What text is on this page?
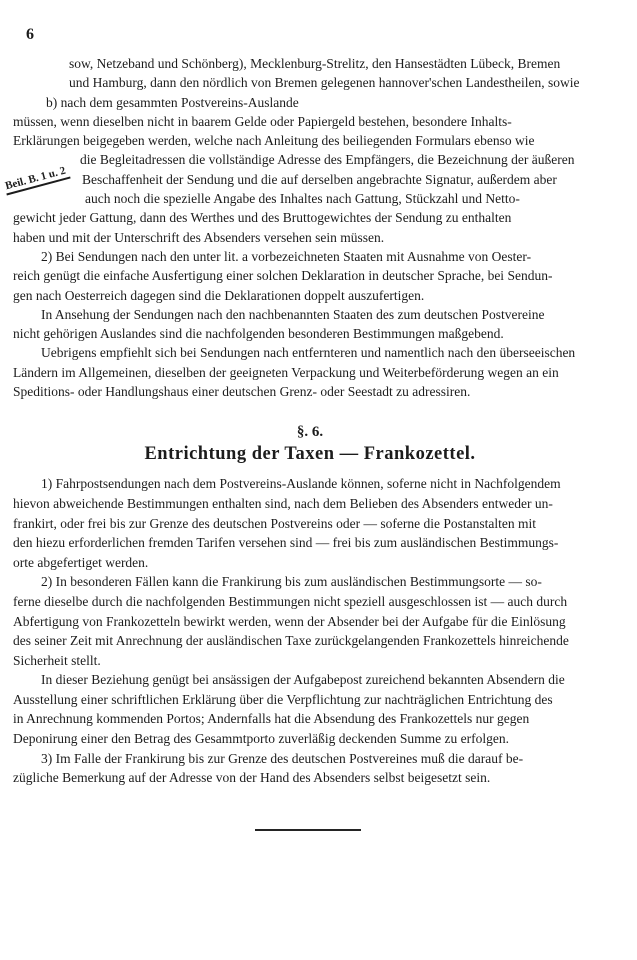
6
Beil. B. 1 u. 2
sow, Netzeband und Schönberg), Mecklenburg-Strelitz, den Hansestädten Lübeck, Bremen
und Hamburg, dann den nördlich von Bremen gelegenen hannover'schen Landestheilen, sowie
b) nach dem gesammten Postvereins-Auslande
müssen, wenn dieselben nicht in baarem Gelde oder Papiergeld bestehen, besondere Inhalts-
Erklärungen beigegeben werden, welche nach Anleitung des beiliegenden Formulars ebenso wie
die Begleitadressen die vollständige Adresse des Empfängers, die Bezeichnung der äußeren
Beschaffenheit der Sendung und die auf derselben angebrachte Signatur, außerdem aber
auch noch die spezielle Angabe des Inhaltes nach Gattung, Stückzahl und Netto-
gewicht jeder Gattung, dann des Werthes und des Bruttogewichtes der Sendung zu enthalten
haben und mit der Unterschrift des Absenders versehen sein müssen.
2) Bei Sendungen nach den unter lit. a vorbezeichneten Staaten mit Ausnahme von Oester-
reich genügt die einfache Ausfertigung einer solchen Deklaration in deutscher Sprache, bei Sendun-
gen nach Oesterreich dagegen sind die Deklarationen doppelt auszufertigen.
In Ansehung der Sendungen nach den nachbenannten Staaten des zum deutschen Postvereine
nicht gehörigen Auslandes sind die nachfolgenden besonderen Bestimmungen maßgebend.
Uebrigens empfiehlt sich bei Sendungen nach entfernteren und namentlich nach den überseeischen
Ländern im Allgemeinen, dieselben der geeigneten Verpackung und Weiterbeförderung wegen an ein
Speditions- oder Handlungshaus einer deutschen Grenz- oder Seestadt zu adressiren.
§. 6.
Entrichtung der Taxen — Frankozettel.
1) Fahrpostsendungen nach dem Postvereins-Auslande können, soferne nicht in Nachfolgendem
hievon abweichende Bestimmungen enthalten sind, nach dem Belieben des Absenders entweder un-
frankirt, oder frei bis zur Grenze des deutschen Postvereins oder — soferne die Postanstalten mit
den hiezu erforderlichen fremden Tarifen versehen sind — frei bis zum ausländischen Bestimmungs-
orte abgefertiget werden.
2) In besonderen Fällen kann die Frankirung bis zum ausländischen Bestimmungsorte — so-
ferne dieselbe durch die nachfolgenden Bestimmungen nicht speziell ausgeschlossen ist — auch durch
Abfertigung von Frankozetteln bewirkt werden, wenn der Absender bei der Aufgabe für die Einlösung
des seiner Zeit mit Anrechnung der ausländischen Taxe zurückgelangenden Frankozettels hinreichende
Sicherheit stellt.
In dieser Beziehung genügt bei ansässigen der Aufgabepost zureichend bekannten Absendern die
Ausstellung einer schriftlichen Erklärung über die Verpflichtung zur nachträglichen Entrichtung des
in Anrechnung kommenden Portos; Andernfalls hat die Absendung des Frankozettels nur gegen
Deponirung einer den Betrag des Gesammtporto zuverläßig deckenden Summe zu erfolgen.
3) Im Falle der Frankirung bis zur Grenze des deutschen Postvereines muß die darauf be-
zügliche Bemerkung auf der Adresse von der Hand des Absenders selbst beigesetzt sein.
